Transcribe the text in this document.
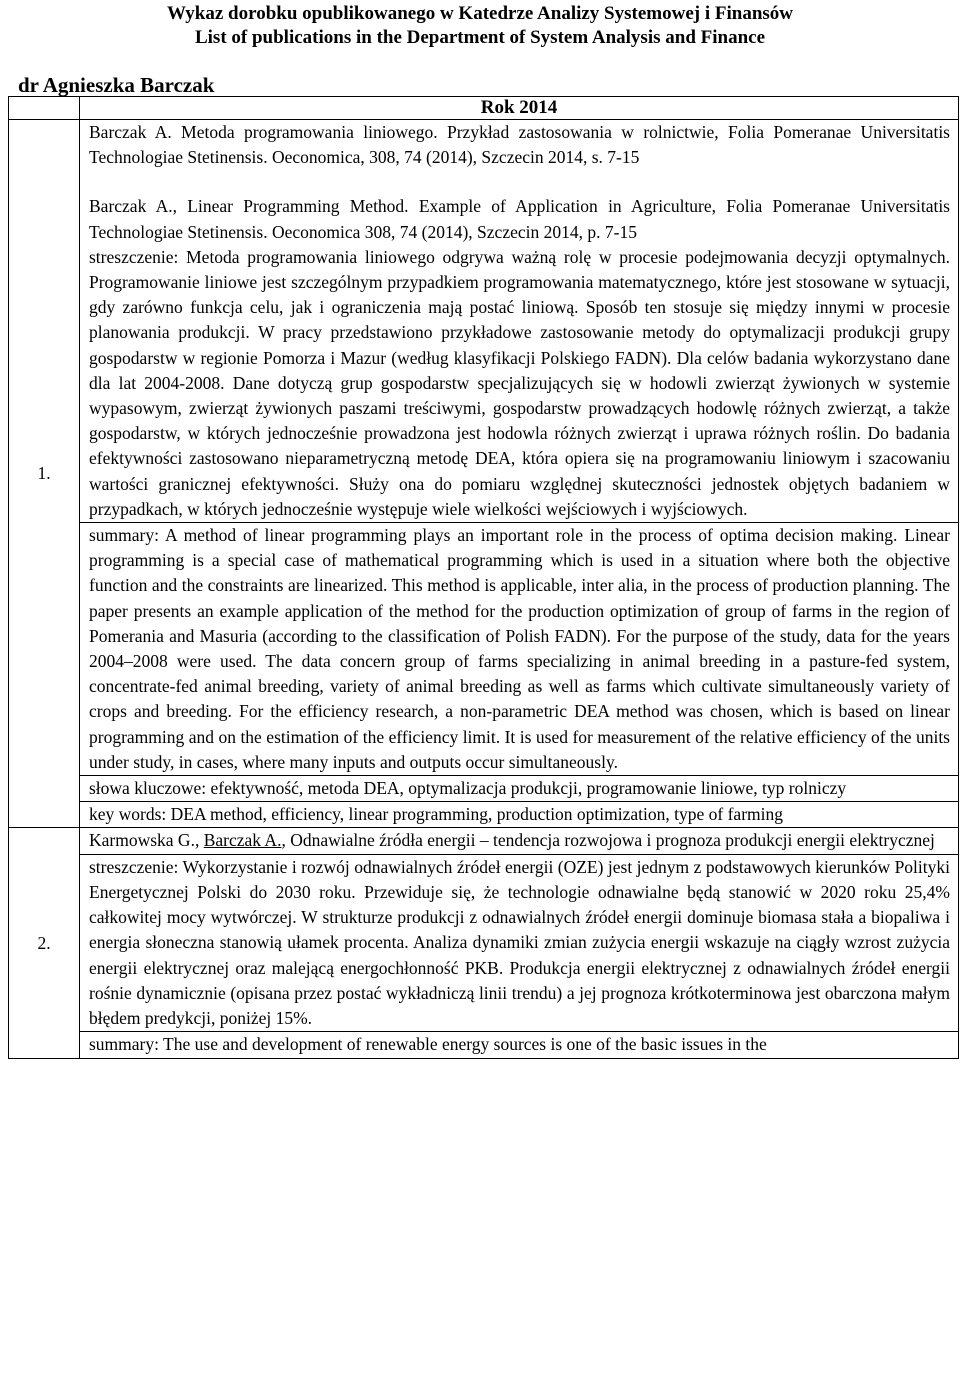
Wykaz dorobku opublikowanego w Katedrze Analizy Systemowej i Finansów
List of publications in the Department of System Analysis and Finance
dr Agnieszka Barczak
	Rok 2014
1.	Barczak A. Metoda programowania liniowego. Przykład zastosowania w rolnictwie, Folia Pomeranae Universitatis Technologiae Stetinensis. Oeconomica, 308, 74 (2014), Szczecin 2014, s. 7-15

Barczak A., Linear Programming Method. Example of Application in Agriculture, Folia Pomeranae Universitatis Technologiae Stetinensis. Oeconomica 308, 74 (2014), Szczecin 2014, p. 7-15

streszczenie: Metoda programowania liniowego odgrywa ważną rolę w procesie podejmowania decyzji optymalnych. Programowanie liniowe jest szczególnym przypadkiem programowania matematycznego, które jest stosowane w sytuacji, gdy zarówno funkcja celu, jak i ograniczenia mają postać liniową. Sposób ten stosuje się między innymi w procesie planowania produkcji. W pracy przedstawiono przykładowe zastosowanie metody do optymalizacji produkcji grupy gospodarstw w regionie Pomorza i Mazur (według klasyfikacji Polskiego FADN). Dla celów badania wykorzystano dane dla lat 2004-2008. Dane dotyczą grup gospodarstw specjalizujących się w hodowli zwierząt żywionych w systemie wypasowym, zwierząt żywionych paszami treściwymi, gospodarstw prowadzących hodowlę różnych zwierząt, a także gospodarstw, w których jednocześnie prowadzona jest hodowla różnych zwierząt i uprawa różnych roślin. Do badania efektywności zastosowano nieparametryczną metodę DEA, która opiera się na programowaniu liniowym i szacowaniu wartości granicznej efektywności. Służy ona do pomiaru względnej skuteczności jednostek objętych badaniem w przypadkach, w których jednocześnie występuje wiele wielkości wejściowych i wyjściowych.

	summary: A method of linear programming plays an important role in the process of optima decision making. Linear programming is a special case of mathematical programming which is used in a situation where both the objective function and the constraints are linearized. This method is applicable, inter alia, in the process of production planning. The paper presents an example application of the method for the production optimization of group of farms in the region of Pomerania and Masuria (according to the classification of Polish FADN). For the purpose of the study, data for the years 2004–2008 were used. The data concern group of farms specializing in animal breeding in a pasture-fed system, concentrate-fed animal breeding, variety of animal breeding as well as farms which cultivate simultaneously variety of crops and breeding. For the efficiency research, a non-parametric DEA method was chosen, which is based on linear programming and on the estimation of the efficiency limit. It is used for measurement of the relative efficiency of the units under study, in cases, where many inputs and outputs occur simultaneously.
	słowa kluczowe: efektywność, metoda DEA, optymalizacja produkcji, programowanie liniowe, typ rolniczy
	key words: DEA method, efficiency, linear programming, production optimization, type of farming
2.	Karmowska G., Barczak A., Odnawialne źródła energii – tendencja rozwojowa i prognoza produkcji energii elektrycznej
	streszczenie: Wykorzystanie i rozwój odnawialnych źródeł energii (OZE) jest jednym z podstawowych kierunków Polityki Energetycznej Polski do 2030 roku. Przewiduje się, że technologie odnawialne będą stanowić w 2020 roku 25,4% całkowitej mocy wytwórczej. W strukturze produkcji z odnawialnych źródeł energii dominuje biomasa stała a biopaliwa i energia słoneczna stanowią ułamek procenta. Analiza dynamiki zmian zużycia energii wskazuje na ciągły wzrost zużycia energii elektrycznej oraz malejącą energochłonność PKB. Produkcja energii elektrycznej z odnawialnych źródeł energii rośnie dynamicznie (opisana przez postać wykładniczą linii trendu) a jej prognoza krótkoterminowa jest obarczona małym błędem predykcji, poniżej 15%.
	summary: The use and development of renewable energy sources is one of the basic issues in the
